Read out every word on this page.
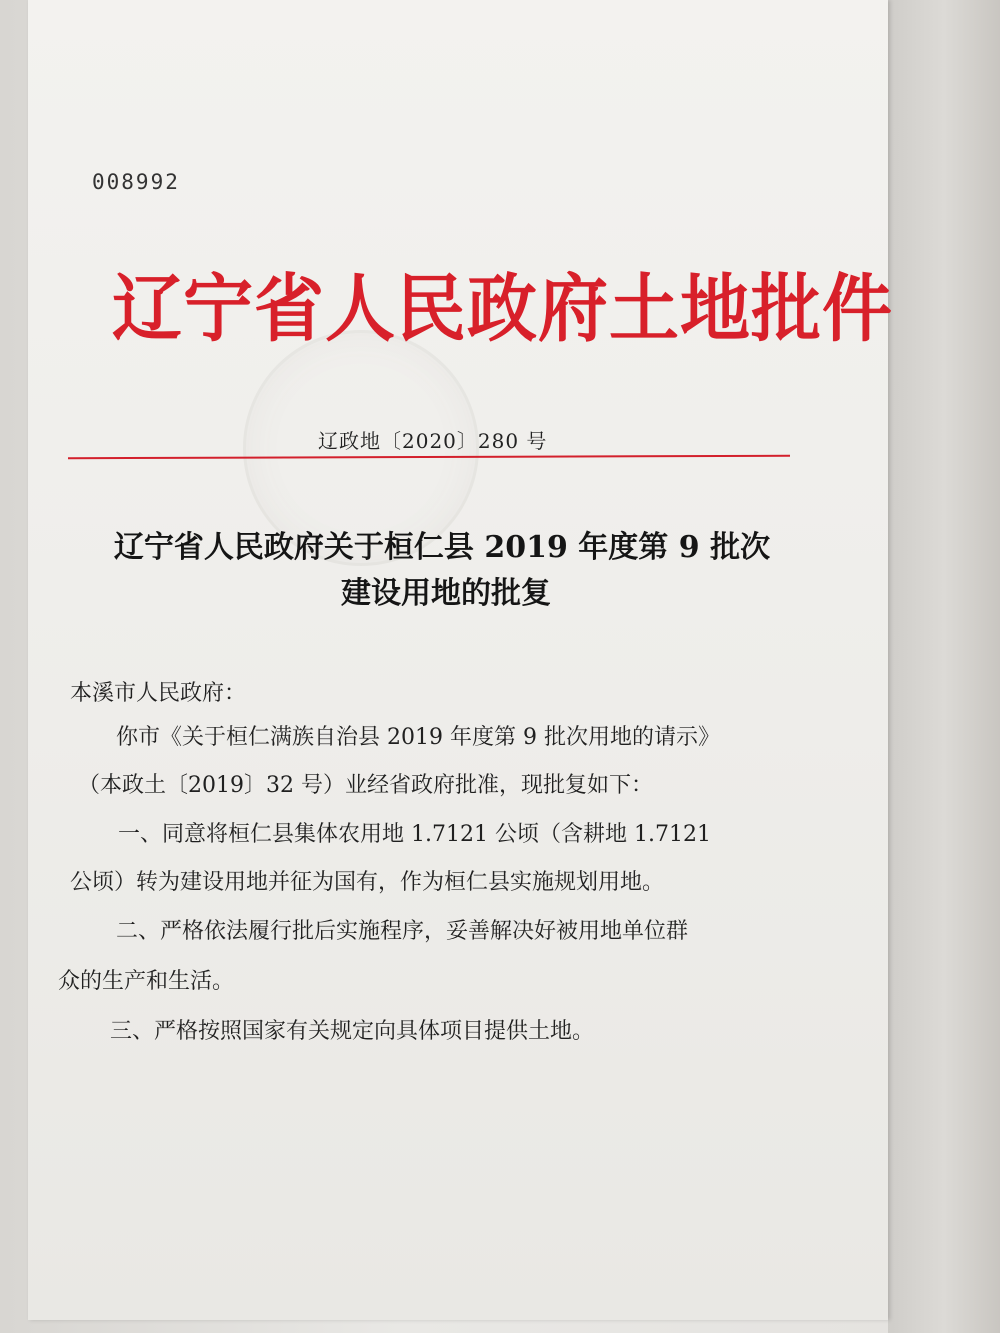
008992
辽宁省人民政府土地批件
辽政地〔2020〕280 号
辽宁省人民政府关于桓仁县 2019 年度第 9 批次
建设用地的批复
本溪市人民政府：
你市《关于桓仁满族自治县 2019 年度第 9 批次用地的请示》
（本政土〔2019〕32 号）业经省政府批准，现批复如下：
一、同意将桓仁县集体农用地 1.7121 公顷（含耕地 1.7121
公顷）转为建设用地并征为国有，作为桓仁县实施规划用地。
二、严格依法履行批后实施程序，妥善解决好被用地单位群
众的生产和生活。
三、严格按照国家有关规定向具体项目提供土地。
